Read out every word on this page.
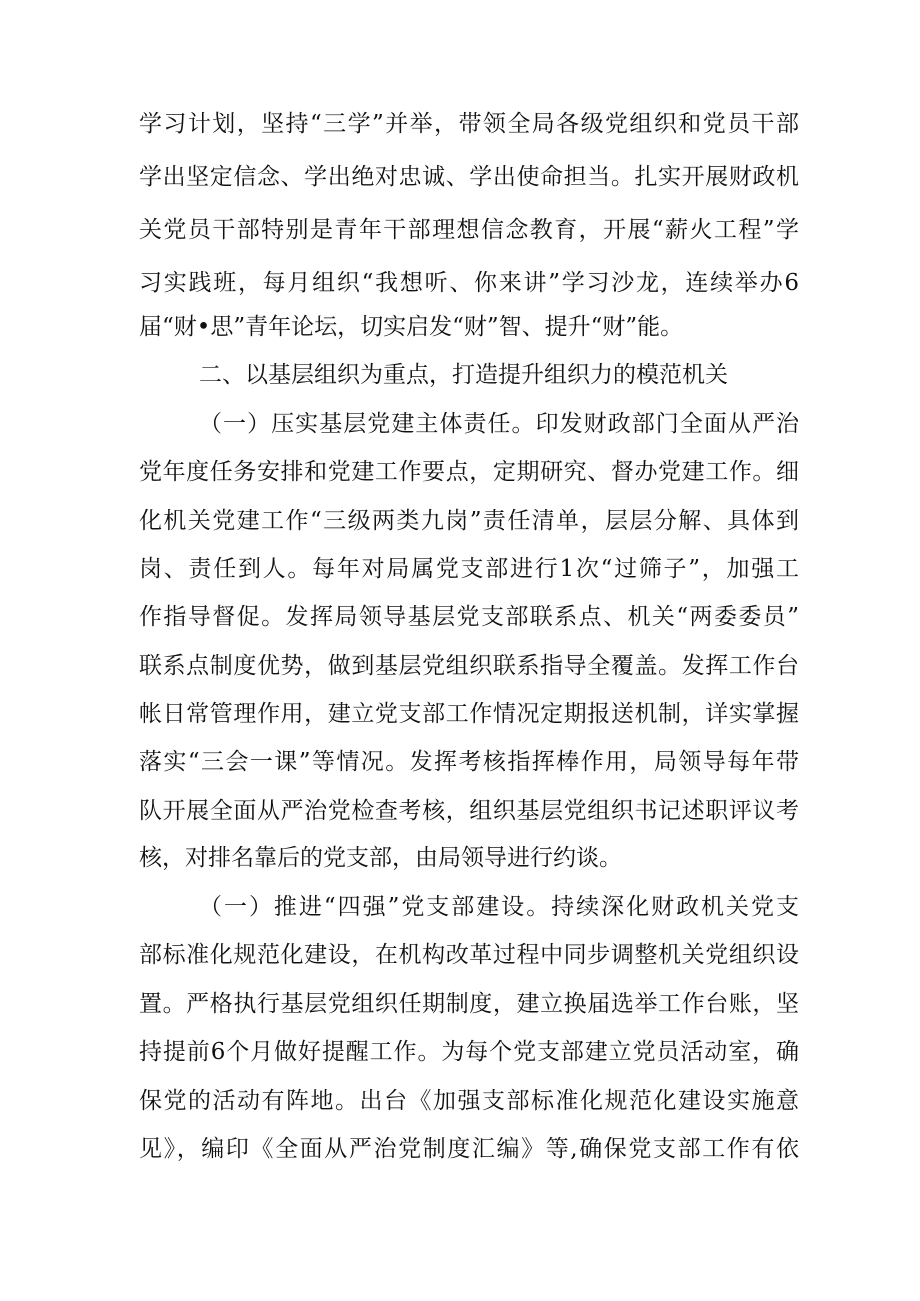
学习计划，坚持“三学”并举，带领全局各级党组织和党员干部
学出坚定信念、学出绝对忠诚、学出使命担当。扎实开展财政机
关党员干部特别是青年干部理想信念教育，开展“薪火工程”学
习实践班，每月组织“我想听、你来讲”学习沙龙，连续举办6
届“财•思”青年论坛，切实启发“财”智、提升“财”能。
二、以基层组织为重点，打造提升组织力的模范机关
（一）压实基层党建主体责任。印发财政部门全面从严治
党年度任务安排和党建工作要点，定期研究、督办党建工作。细
化机关党建工作“三级两类九岗”责任清单，层层分解、具体到
岗、责任到人。每年对局属党支部进行1次“过筛子”，加强工
作指导督促。发挥局领导基层党支部联系点、机关“两委委员”
联系点制度优势，做到基层党组织联系指导全覆盖。发挥工作台
帐日常管理作用，建立党支部工作情况定期报送机制，详实掌握
落实“三会一课”等情况。发挥考核指挥棒作用，局领导每年带
队开展全面从严治党检查考核，组织基层党组织书记述职评议考
核，对排名靠后的党支部，由局领导进行约谈。
（一）推进“四强”党支部建设。持续深化财政机关党支
部标准化规范化建设，在机构改革过程中同步调整机关党组织设
置。严格执行基层党组织任期制度，建立换届选举工作台账，坚
持提前6个月做好提醒工作。为每个党支部建立党员活动室，确
保党的活动有阵地。出台《加强支部标准化规范化建设实施意
见》，编印《全面从严治党制度汇编》等,确保党支部工作有依
